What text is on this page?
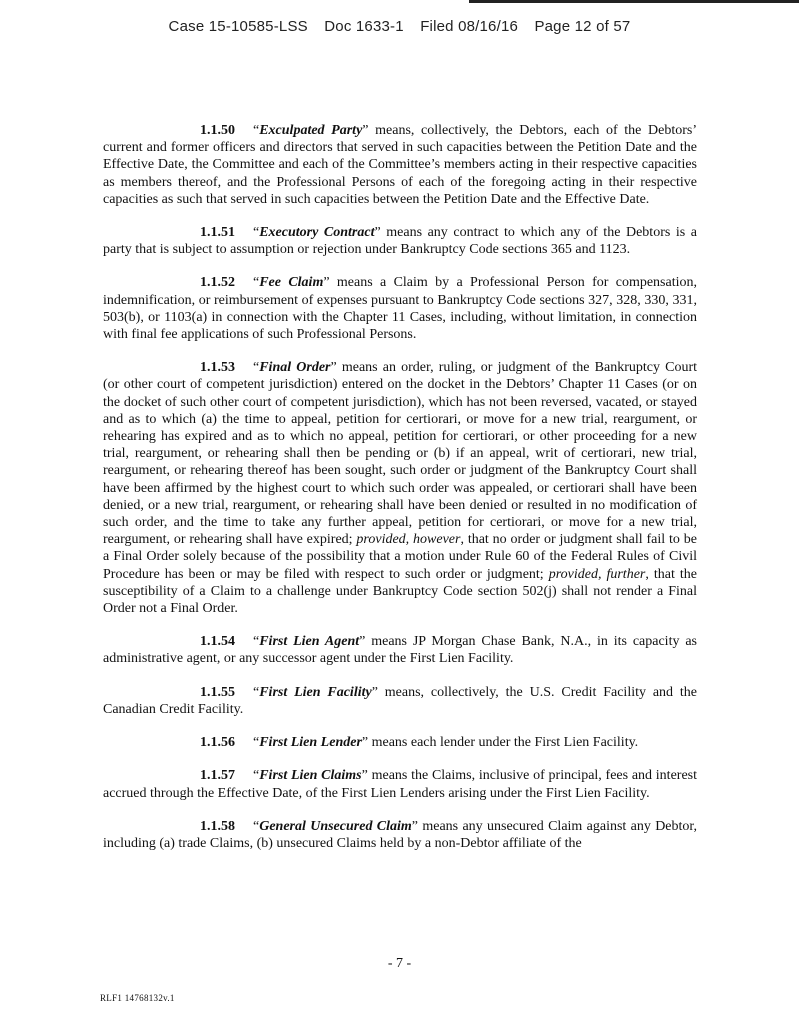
Case 15-10585-LSS Doc 1633-1 Filed 08/16/16 Page 12 of 57

1.1.50 “Exculpated Party” means, collectively, the Debtors, each of the Debtors’ current and former officers and directors that served in such capacities between the Petition Date and the Effective Date, the Committee and each of the Committee’s members acting in their respective capacities as members thereof, and the Professional Persons of each of the foregoing acting in their respective capacities as such that served in such capacities between the Petition Date and the Effective Date.

1.1.51 “Executory Contract” means any contract to which any of the Debtors is a party that is subject to assumption or rejection under Bankruptcy Code sections 365 and 1123.

1.1.52 “Fee Claim” means a Claim by a Professional Person for compensation, indemnification, or reimbursement of expenses pursuant to Bankruptcy Code sections 327, 328, 330, 331, 503(b), or 1103(a) in connection with the Chapter 11 Cases, including, without limitation, in connection with final fee applications of such Professional Persons.

1.1.53 “Final Order” means an order, ruling, or judgment of the Bankruptcy Court (or other court of competent jurisdiction) entered on the docket in the Debtors’ Chapter 11 Cases (or on the docket of such other court of competent jurisdiction), which has not been reversed, vacated, or stayed and as to which (a) the time to appeal, petition for certiorari, or move for a new trial, reargument, or rehearing has expired and as to which no appeal, petition for certiorari, or other proceeding for a new trial, reargument, or rehearing shall then be pending or (b) if an appeal, writ of certiorari, new trial, reargument, or rehearing thereof has been sought, such order or judgment of the Bankruptcy Court shall have been affirmed by the highest court to which such order was appealed, or certiorari shall have been denied, or a new trial, reargument, or rehearing shall have been denied or resulted in no modification of such order, and the time to take any further appeal, petition for certiorari, or move for a new trial, reargument, or rehearing shall have expired; provided, however, that no order or judgment shall fail to be a Final Order solely because of the possibility that a motion under Rule 60 of the Federal Rules of Civil Procedure has been or may be filed with respect to such order or judgment; provided, further, that the susceptibility of a Claim to a challenge under Bankruptcy Code section 502(j) shall not render a Final Order not a Final Order.

1.1.54 “First Lien Agent” means JP Morgan Chase Bank, N.A., in its capacity as administrative agent, or any successor agent under the First Lien Facility.

1.1.55 “First Lien Facility” means, collectively, the U.S. Credit Facility and the Canadian Credit Facility.

1.1.56 “First Lien Lender” means each lender under the First Lien Facility.

1.1.57 “First Lien Claims” means the Claims, inclusive of principal, fees and interest accrued through the Effective Date, of the First Lien Lenders arising under the First Lien Facility.

1.1.58 “General Unsecured Claim” means any unsecured Claim against any Debtor, including (a) trade Claims, (b) unsecured Claims held by a non-Debtor affiliate of the

- 7 -
RLF1 14768132v.1
